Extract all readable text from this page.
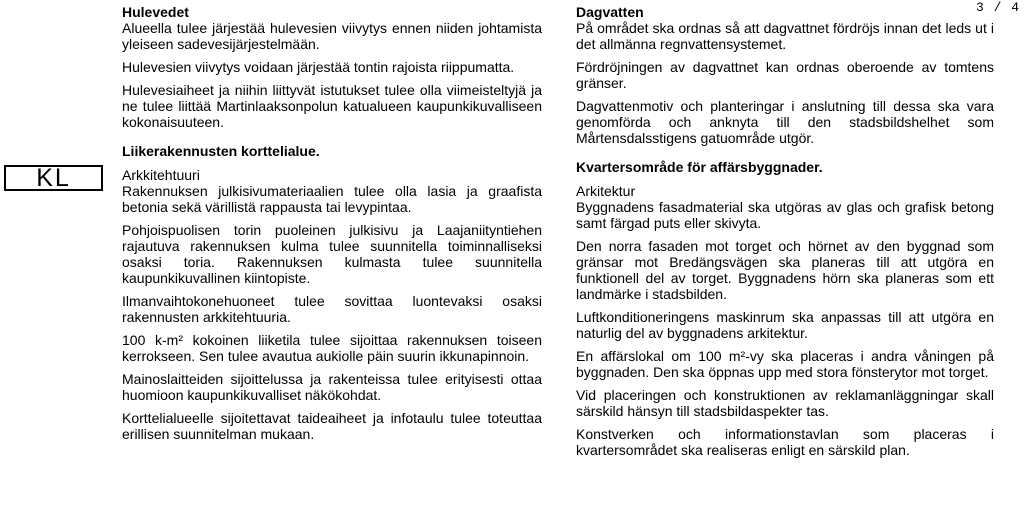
3 / 4
KL
Hulevedet
Alueella tulee järjestää hulevesien viivytys ennen niiden johtamista yleiseen sadevesijärjestelmään.

Hulevesien viivytys voidaan järjestää tontin rajoista riippumatta.

Hulevesiaiheet ja niihin liittyvät istutukset tulee olla viimeisteltyjä ja ne tulee liittää Martinlaaksonpolun katualueen kaupunkikuvalliseen kokonaisuuteen.

Liikerakennusten korttelialue.

Arkkitehtuuri

Rakennuksen julkisivumateriaalien tulee olla lasia ja graafista betonia sekä värillistä rappausta tai levypintaa.

Pohjoispuolisen torin puoleinen julkisivu ja Laajaniityntiehen rajautuva rakennuksen kulma tulee suunnitella toiminnalliseksi osaksi toria. Rakennuksen kulmasta tulee suunnitella kaupunkikuvallinen kiintopiste.

Ilmanvaihtokonehuoneet tulee sovittaa luontevaksi osaksi rakennusten arkkitehtuuria.

100 k-m² kokoinen liiketila tulee sijoittaa rakennuksen toiseen kerrokseen. Sen tulee avautua aukiolle päin suurin ikkunapinnoin.

Mainoslaitteiden sijoittelussa ja rakenteissa tulee erityisesti ottaa huomioon kaupunkikuvalliset näkökohdat.

Korttelialueelle sijoitettavat taideaiheet ja infotaulu tulee toteuttaa erillisen suunnitelman mukaan.

Dagvatten
På området ska ordnas så att dagvattnet fördröjs innan det leds ut i det allmänna regnvattensystemet.

Fördröjningen av dagvattnet kan ordnas oberoende av tomtens gränser.

Dagvattenmotiv och planteringar i anslutning till dessa ska vara genomförda och anknyta till den stadsbildshelhet som Mårtensdalsstigens gatuområde utgör.

Kvartersområde för affärsbyggnader.

Arkitektur

Byggnadens fasadmaterial ska utgöras av glas och grafisk betong samt färgad puts eller skivyta.

Den norra fasaden mot torget och hörnet av den byggnad som gränsar mot Bredängsvägen ska planeras till att utgöra en funktionell del av torget. Byggnadens hörn ska planeras som ett landmärke i stadsbilden.

Luftkonditioneringens maskinrum ska anpassas till att utgöra en naturlig del av byggnadens arkitektur.

En affärslokal om 100 m²-vy ska placeras i andra våningen på byggnaden. Den ska öppnas upp med stora fönsterytor mot torget.

Vid placeringen och konstruktionen av reklamanläggningar skall särskild hänsyn till stadsbildaspekter tas.

Konstverken och informationstavlan som placeras i kvartersområdet ska realiseras enligt en särskild plan.
